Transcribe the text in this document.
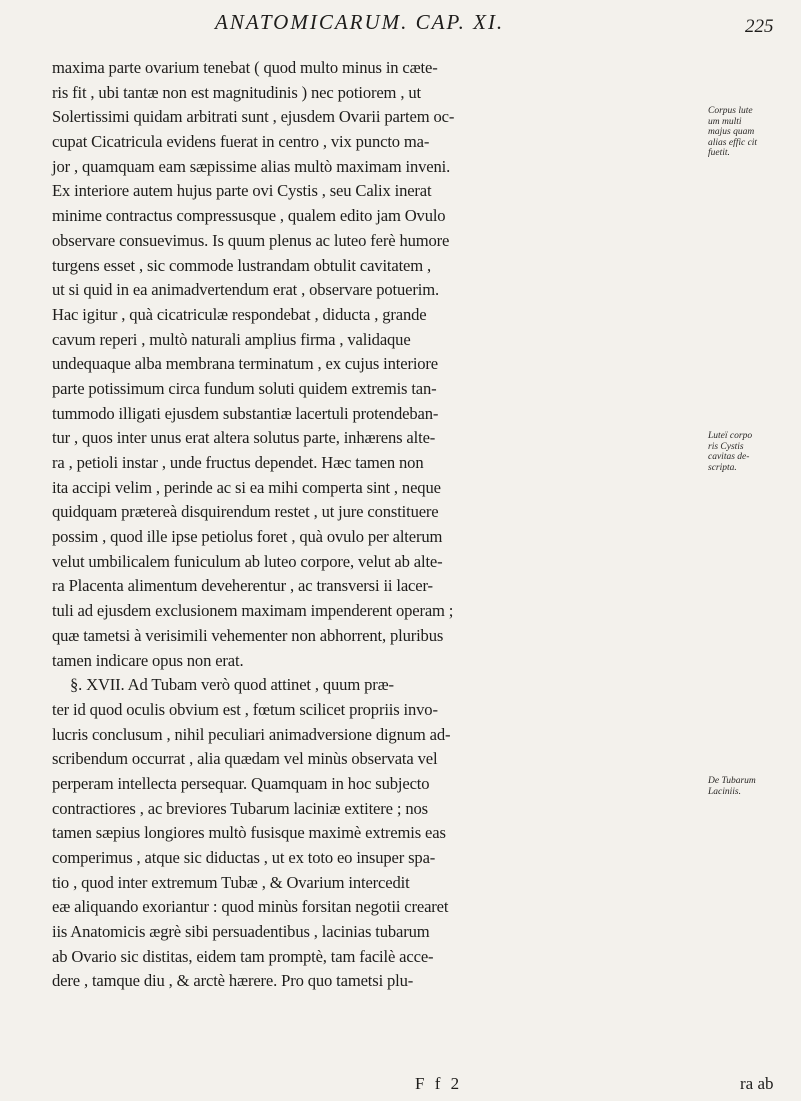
ANATOMICARUM. CAP. XI.	225
maxima parte ovarium tenebat ( quod multo minus in cæte-
ris fit , ubi tantæ non est magnitudinis ) nec potiorem , ut
Solertissimi quidam arbitrati sunt , ejusdem Ovarii partem oc-
cupat Cicatricula evidens fuerat in centro , vix puncto ma-
jor , quamquam eam sæpissime alias multò maximam inveni.
Ex interiore autem hujus parte ovi Cystis , seu Calix inerat
minime contractus compressusque , qualem edito jam Ovulo
observare consuevimus. Is quum plenus ac luteo ferè humore
turgens esset , sic commode lustrandam obtulit cavitatem ,
ut si quid in ea animadvertendum erat , observare potuerim.
Hac igitur , quà cicatriculæ respondebat , diducta , grande
cavum reperi , multò naturali amplius firma , validaque
undequaque alba membrana terminatum , ex cujus interiore
parte potissimum circa fundum soluti quidem extremis tan-
tummodo illigati ejusdem substantiæ lacertuli protendeban-
tur , quos inter unus erat altera solutus parte, inhærens alte-
ra , petioli instar , unde fructus dependet. Hæc tamen non
ita accipi velim , perinde ac si ea mihi comperta sint , neque
quidquam prætereà disquirendum restet , ut jure constituere
possim , quod ille ipse petiolus foret , quà ovulo per alterum
velut umbilicalem funiculum ab luteo corpore, velut ab alte-
ra Placenta alimentum deveherentur , ac transversi ii lacer-
tuli ad ejusdem exclusionem maximam impenderent operam ;
quæ tametsi à verisimili vehementer non abhorrent, pluribus
tamen indicare opus non erat.
§. XVII. Ad Tubam verò quod attinet , quum præ-
ter id quod oculis obvium est , fœtum scilicet propriis invo-
lucris conclusum , nihil peculiari animadversione dignum ad-
scribendum occurrat , alia quædam vel minùs observata vel
perperam intellecta persequar. Quamquam in hoc subjecto
contractiores , ac breviores Tubarum laciniæ extitere ; nos
tamen sæpius longiores multò fusisque maximè extremis eas
comperimus , atque sic diductas , ut ex toto eo insuper spa-
tio , quod inter extremum Tubæ , & Ovarium intercedit
eæ aliquando exoriantur : quod minùs forsitan negotii crearet
iis Anatomicis ægrè sibi persuadentibus , lacinias tubarum
ab Ovario sic distitas, eidem tam promptè, tam facilè acce-
dere , tamque diu , & arctè hærere. Pro quo tametsi plu-
Corpus lute
um multi
majus quam
alias effic cit
fuetit.
Luteï corpo
ris Cystis
cavitas de-
scripta.
De Tubarum
Laciniis.
F f 2	ra ab
